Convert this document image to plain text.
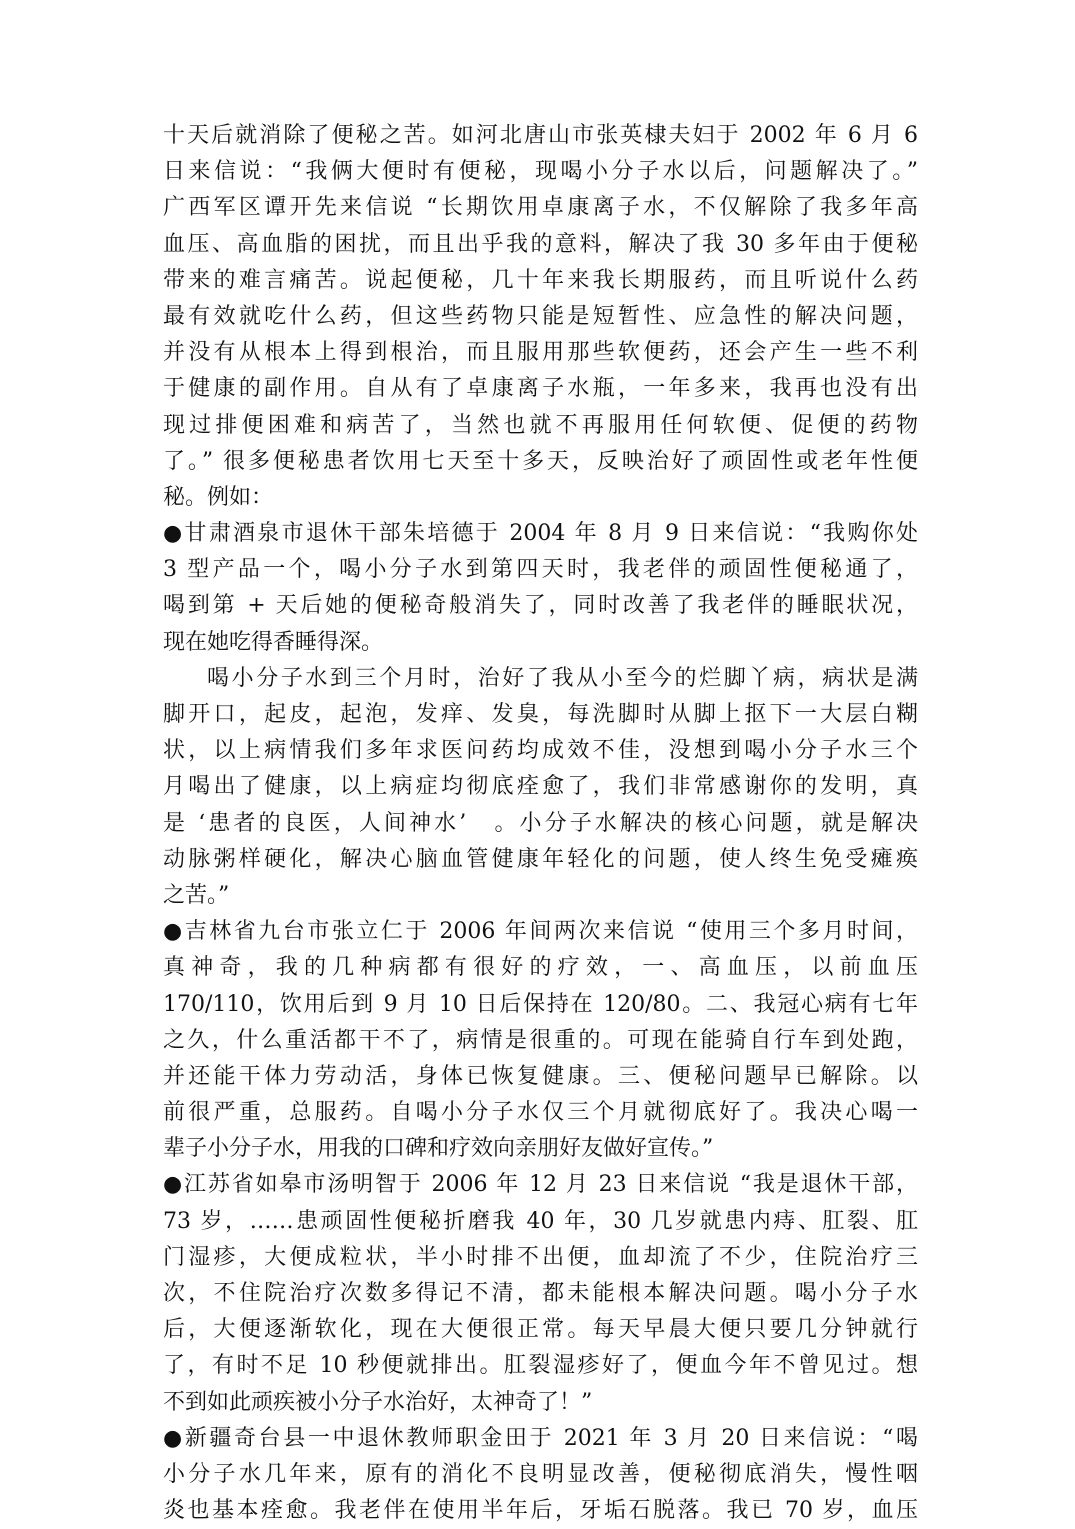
十天后就消除了便秘之苦。如河北唐山市张英棣夫妇于 2002 年 6 月 6
日来信说：“我俩大便时有便秘，现喝小分子水以后，问题解决了。”
广西军区谭开先来信说 “长期饮用卓康离子水，不仅解除了我多年高
血压、高血脂的困扰，而且出乎我的意料，解决了我 30 多年由于便秘
带来的难言痛苦。说起便秘，几十年来我长期服药，而且听说什么药
最有效就吃什么药，但这些药物只能是短暂性、应急性的解决问题，
并没有从根本上得到根治，而且服用那些软便药，还会产生一些不利
于健康的副作用。自从有了卓康离子水瓶，一年多来，我再也没有出
现过排便困难和病苦了，当然也就不再服用任何软便、促便的药物
了。” 很多便秘患者饮用七天至十多天，反映治好了顽固性或老年性便
秘。例如：
●甘肃酒泉市退休干部朱培德于 2004 年 8 月 9 日来信说：“我购你处
3 型产品一个，喝小分子水到第四天时，我老伴的顽固性便秘通了，
喝到第 + 天后她的便秘奇般消失了，同时改善了我老伴的睡眠状况，
现在她吃得香睡得深。
喝小分子水到三个月时，治好了我从小至今的烂脚丫病，病状是满
脚开口，起皮，起泡，发痒、发臭，每洗脚时从脚上抠下一大层白糊
状，以上病情我们多年求医问药均成效不佳，没想到喝小分子水三个
月喝出了健康，以上病症均彻底痊愈了，我们非常感谢你的发明，真
是 ‘患者的良医，人间神水’　。小分子水解决的核心问题，就是解决
动脉粥样硬化，解决心脑血管健康年轻化的问题，使人终生免受瘫痪
之苦。”
●吉林省九台市张立仁于 2006 年间两次来信说 “使用三个多月时间，
真神奇，我的几种病都有很好的疗效，一、高血压，以前血压
170/110，饮用后到 9 月 10 日后保持在 120/80。二、我冠心病有七年
之久，什么重活都干不了，病情是很重的。可现在能骑自行车到处跑，
并还能干体力劳动活，身体已恢复健康。三、便秘问题早已解除。以
前很严重，总服药。自喝小分子水仅三个月就彻底好了。我决心喝一
辈子小分子水，用我的口碑和疗效向亲朋好友做好宣传。”
●江苏省如皋市汤明智于 2006 年 12 月 23 日来信说 “我是退休干部，
73 岁，……患顽固性便秘折磨我 40 年，30 几岁就患内痔、肛裂、肛
门湿疹，大便成粒状，半小时排不出便，血却流了不少，住院治疗三
次，不住院治疗次数多得记不清，都未能根本解决问题。喝小分子水
后，大便逐渐软化，现在大便很正常。每天早晨大便只要几分钟就行
了，有时不足 10 秒便就排出。肛裂湿疹好了，便血今年不曾见过。想
不到如此顽疾被小分子水治好，太神奇了！”
●新疆奇台县一中退休教师职金田于 2021 年 3 月 20 日来信说：“喝
小分子水几年来，原有的消化不良明显改善，便秘彻底消失，慢性咽
炎也基本痊愈。我老伴在使用半年后，牙垢石脱落。我已 70 岁，血压
